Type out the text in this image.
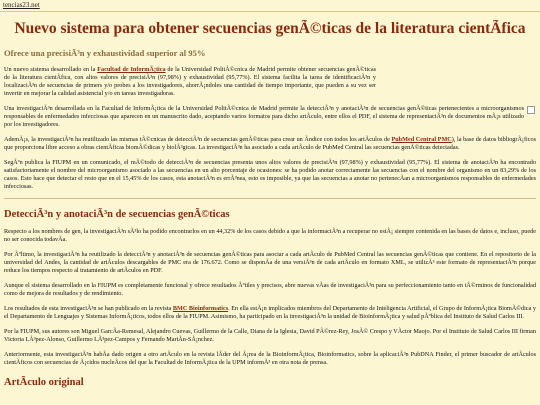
tencias23.net
Nuevo sistema para obtener secuencias genÃ©ticas de la literatura cientÃfica
Ofrece una precisiÃ³n y exhaustividad superior al 95%

Un nuevo sistema desarrollado en la Facultad de InformÃ¡tica de la Universidad PolitÃ©cnica de Madrid permite obtener secuencias genÃ©ticas de la literatura cientÃfica, con altos valores de precisiÃ³n (97,98%) y exhaustividad (95,77%). El sistema facilita la tarea de identificaciÃ³n y localizaciÃ³n de secuencias de primers y/o probes a los investigadores, ahorrÃ¡ndoles una cantidad de tiempo importante, que pueden a su vez ser invertir en mejorar la calidad asistencial y/o en tareas investigadoras.

Una investigaciÃ³n desarrollada en la Facultad de InformÃ¡tica de la Universidad PolitÃ©cnica de Madrid permite la detecciÃ³n y anotaciÃ³n de secuencias genÃ©ticas pertenecientes a microorganismos responsables de enfermedades infecciosas que aparecen en un manuscrito dado, aceptando varios formatos para dicho artÃculo, entre ellos el PDF, el sistema de representaciÃ³n de documentos mÃ¡s utilizado por los investigadores.

AdemÃ¡s, la investigaciÃ³n ha reutilizado las mismas tÃ©cnicas de detecciÃ³n de secuencias genÃ©ticas para crear un Ãndice con todos los artÃculos de PubMed Central PMC), la base de datos bibliogrÃ¡ficos que proporciona libre acceso a obras cientÃficas biomÃ©dicas y biolÃ³gicas. La investigaciÃ³n ha asociado a cada artÃculo de PubMed Central las secuencias genÃ©ticas detectadas.

SegÃºn publica la FIUPM en un comunicado, el mÃ©todo de detecciÃ³n de secuencias presenta unos altos valores de precisiÃ³n (97,98%) y exhaustividad (95,77%). El sistema de anotaciÃ³n ha encontrado satisfactoriamente el nombre del microorganismo asociado a las secuencias en un alto porcentaje de ocasiones: se ha podido anotar correctamente las secuencias con el nombre del organismo en un 83,29% de los casos. Esto hace que detectar el resto que en el 15,45% de los casos, esta anotaciÃ³n es errÃ³nea, esto es imposible, ya que las secuencias a anotar no pertenecÃan a microorganismos responsables de enfermedades infecciosas.

DetecciÃ³n y anotaciÃ³n de secuencias genÃ©ticas

Respecto a los nombres de gen, la investigaciÃ³n sÃ³lo ha podido encontrarlos en un 44,32% de los casos debido a que la informaciÃ³n a recuperar no estÃ¡ siempre contenida en las bases de datos e, incluso, puede no ser conocida todavÃa.

Por Ãºltimo, la investigaciÃ³n ha reutilizado la detecciÃ³n y anotaciÃ³n de secuencias genÃ©ticas para asociar a cada artÃculo de PubMed Central las secuencias genÃ©ticas que contiene. En el repositorio de la universidad del Andes, la cantidad de artÃculos descargables de PMC era de 176.672. Como se disponÃa de una versiÃ³n de cada artÃculo en formato XML, se utilizÃ³ este formato de representaciÃ³n porque reduce los tiempos respecto al tratamiento de artÃculos en PDF.

Aunque el sistema desarrollado en la FIUPM es completamente funcional y ofrece resultados Ãºtiles y precisos, abre nuevas vÃas de investigaciÃ³n para su perfeccionamiento tanto en tÃ©rminos de funcionalidad como de mejora de resultados y de rendimiento.

Los resultados de esta investigaciÃ³n se han publicado en la revista BMC Bioinformatics. En ella estÃ¡n implicados miembros del Departamento de Inteligencia Artificial, el Grupo de InformÃ¡tica BiomÃ©dica y el Departamento de Lenguajes y Sistemas InformÃ¡ticos, todos ellos de la FIUPM. Asimismo, ha participado en la investigaciÃ³n la unidad de BioinformÃ¡tica y salud pÃºblica del Instituto de Salud Carlos III.

Por la FIUPM, sus autores son Miguel GarcÃa-Remesal, Alejandro Cuevas, Guillermo de la Calle, Diana de la Iglesia, David PÃ©rez-Rey, JosÃ© Crespo y VÃctor Maojo. Por el Instituto de Salud Carlos III firman Victoria LÃ³pez-Alonso, Guillermo LÃ³pez-Campos y Fernando MartÃn-SÃ¡nchez.

Anteriormente, esta investigaciÃ³n habÃa dado origen a otro artÃculo en la revista lÃder del Ã¡rea de la BioinformÃ¡tica, Bioinformatics, sobre la aplicaciÃ³n PubDNA Finder, el primer buscador de artÃculos cientÃficos con secuencias de Ã¡cidos nucleÃcos del que la Facultad de InformÃ¡tica de la UPM informÃ³ en otra nota de prensa.

ArtÃculo original
